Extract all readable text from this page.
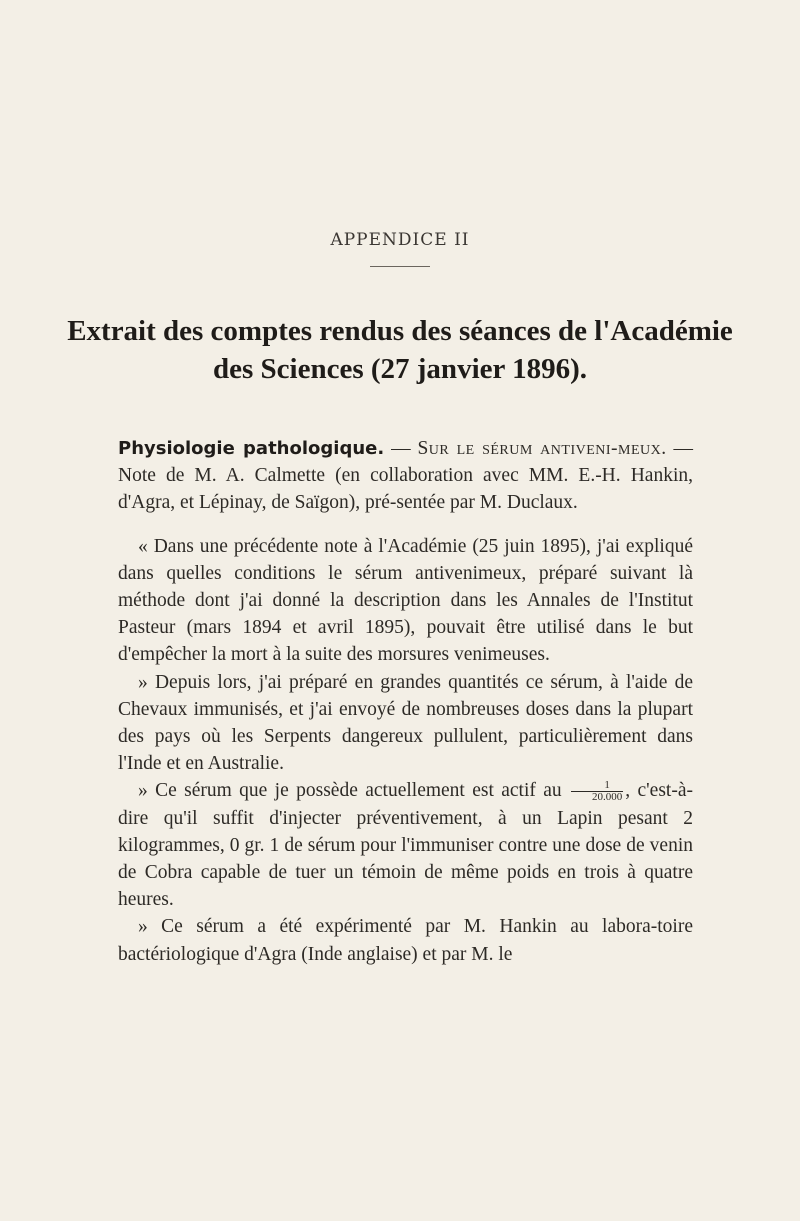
APPENDICE II
Extrait des comptes rendus des séances de l'Académie des Sciences (27 janvier 1896).

Physiologie pathologique. — Sur le sérum antiveni-meux. — Note de M. A. Calmette (en collaboration avec MM. E.-H. Hankin, d'Agra, et Lépinay, de Saïgon), pré-sentée par M. Duclaux.

« Dans une précédente note à l'Académie (25 juin 1895), j'ai expliqué dans quelles conditions le sérum antivenimeux, préparé suivant là méthode dont j'ai donné la description dans les Annales de l'Institut Pasteur (mars 1894 et avril 1895), pouvait être utilisé dans le but d'empêcher la mort à la suite des morsures venimeuses.

» Depuis lors, j'ai préparé en grandes quantités ce sérum, à l'aide de Chevaux immunisés, et j'ai envoyé de nombreuses doses dans la plupart des pays où les Serpents dangereux pullulent, particulièrement dans l'Inde et en Australie.

» Ce sérum que je possède actuellement est actif au $\frac{1}{20.000}$ , c'est-à-dire qu'il suffit d'injecter préventivement, à un Lapin pesant 2 kilogrammes, 0 gr. 1 de sérum pour l'immuniser contre une dose de venin de Cobra capable de tuer un témoin de même poids en trois à quatre heures.

» Ce sérum a été expérimenté par M. Hankin au labora-toire bactériologique d'Agra (Inde anglaise) et par M. le
